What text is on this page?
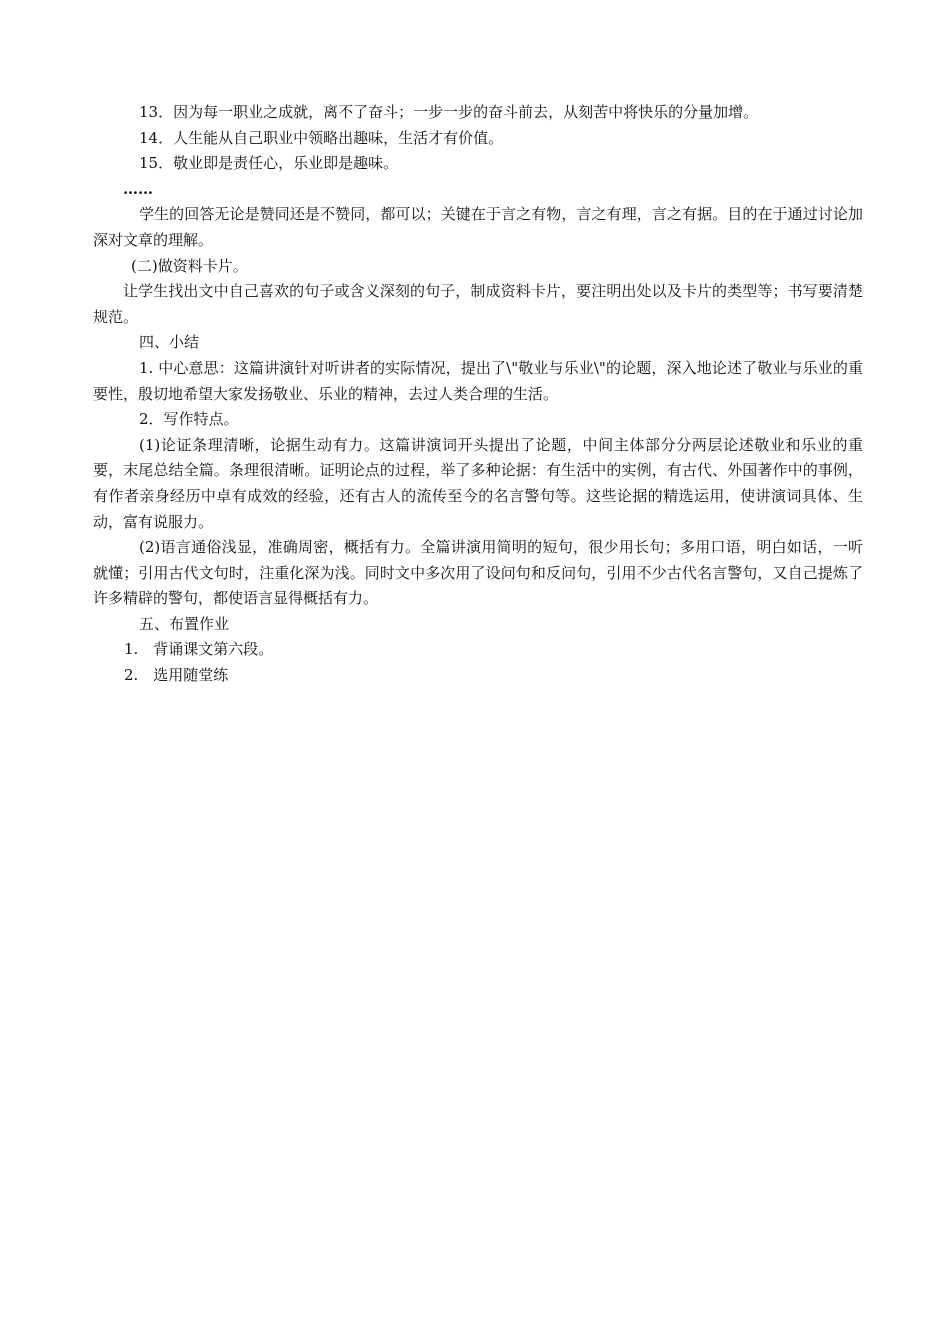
13．因为每一职业之成就，离不了奋斗；一步一步的奋斗前去，从刻苦中将快乐的分量加增。

14．人生能从自己职业中领略出趣味，生活才有价值。

15．敬业即是责任心，乐业即是趣味。

……

学生的回答无论是赞同还是不赞同，都可以；关键在于言之有物，言之有理，言之有据。目的在于通过讨论加深对文章的理解。

(二)做资料卡片。

让学生找出文中自己喜欢的句子或含义深刻的句子，制成资料卡片，要注明出处以及卡片的类型等；书写要清楚规范。

四、小结

1. 中心意思：这篇讲演针对听讲者的实际情况，提出了\"敬业与乐业\"的论题，深入地论述了敬业与乐业的重要性，殷切地希望大家发扬敬业、乐业的精神，去过人类合理的生活。

2．写作特点。

(1)论证条理清晰，论据生动有力。这篇讲演词开头提出了论题，中间主体部分分两层论述敬业和乐业的重要，末尾总结全篇。条理很清晰。证明论点的过程，举了多种论据：有生活中的实例，有古代、外国著作中的事例，有作者亲身经历中卓有成效的经验，还有古人的流传至今的名言警句等。这些论据的精选运用，使讲演词具体、生动，富有说服力。

(2)语言通俗浅显，准确周密，概括有力。全篇讲演用简明的短句，很少用长句；多用口语，明白如话，一听就懂；引用古代文句时，注重化深为浅。同时文中多次用了设问句和反问句，引用不少古代名言警句，又自己提炼了许多精辟的警句，都使语言显得概括有力。

五、布置作业

1.　背诵课文第六段。

2.　选用随堂练
